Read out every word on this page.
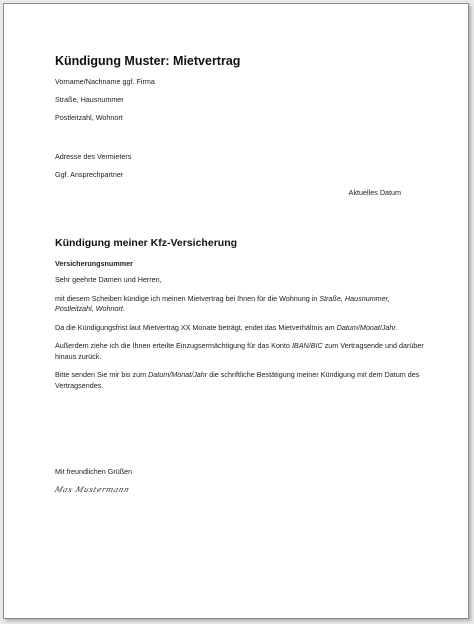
Kündigung Muster: Mietvertrag

Vorname/Nachname ggf. Firma

Straße, Hausnummer

Postleitzahl, Wohnort

Adresse des Vermieters

Ggf. Ansprechpartner

Aktuelles Datum

Kündigung meiner Kfz-Versicherung

Versicherungsnummer

Sehr geehrte Damen und Herren,

mit diesem Scheiben kündige ich meinen Mietvertrag bei Ihnen für die Wohnung in Straße, Hausnummer, Postleitzahl, Wohnort.

Da die Kündigungsfrist laut Mietvertrag XX Monate beträgt, endet das Mietverhältnis am Datum/Monat/Jahr.

Außerdem ziehe ich die Ihnen erteilte Einzugsermächtigung für das Konto IBAN/BIC zum Vertragsende und darüber hinaus zurück.

Bitte senden Sie mir bis zum Datum/Monat/Jahr die schriftliche Bestätigung meiner Kündigung mit dem Datum des Vertragsendes.

Mit freundlichen Grüßen

Max Mustermann
